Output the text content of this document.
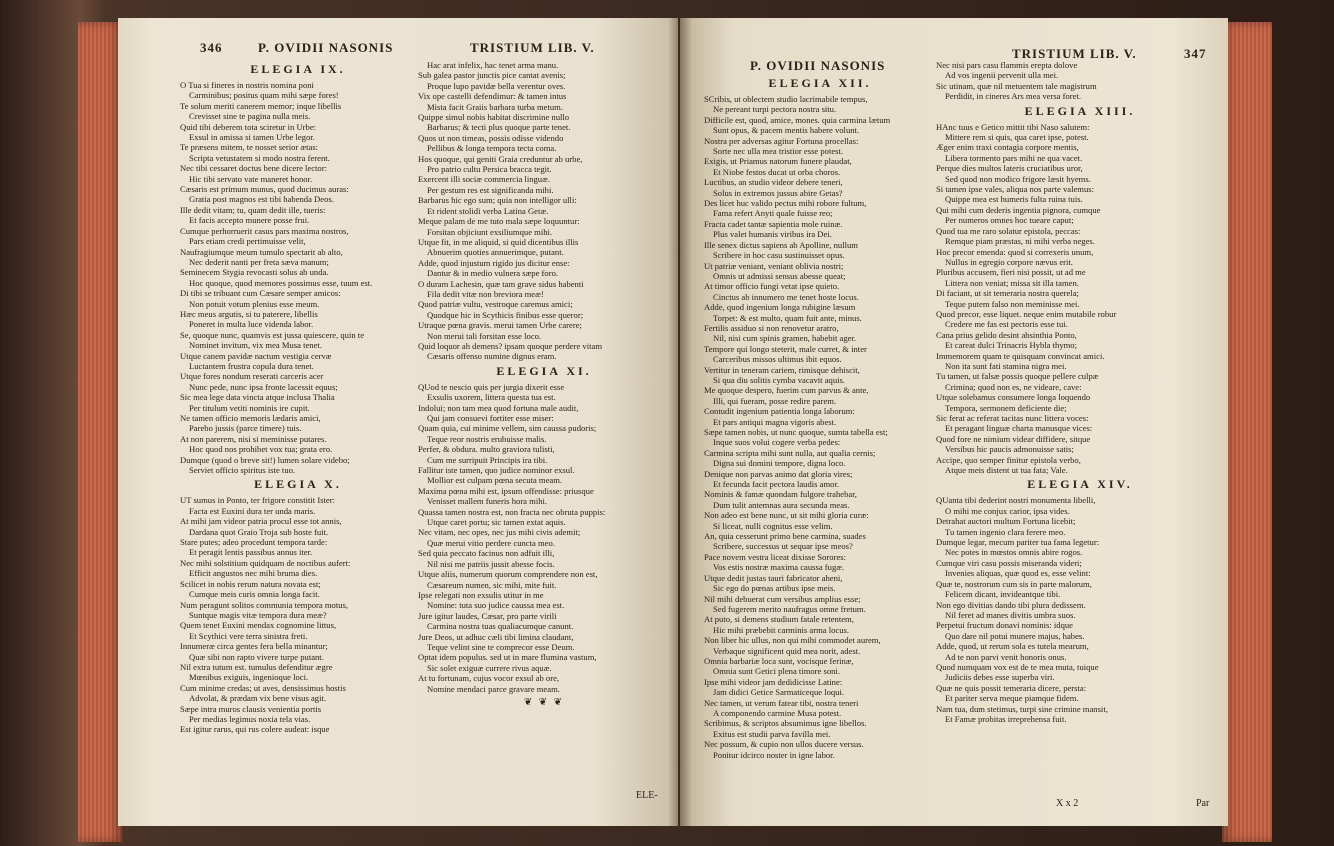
346	P. OVIDII NASONIS	TRISTIUM LIB. V.

ELEGIA IX.

O Tua si fineres in nostris nomina poni

Carminibus; positus quam mihi sæpe fores!

Te solum meriti canerem memor; inque libellis

Crevisset sine te pagina nulla meis.

Quid tibi deberem tota sciretur in Urbe:

Exsul in amissa si tamen Urbe legor.

Te præsens mitem, te nosset serior ætas:

Scripta vetustatem si modo nostra ferent.

Nec tibi cessaret doctus bene dicere lector:

Hic tibi servato vate maneret honor.

Cæsaris est primum munus, quod ducimus auras:

Gratia post magnos est tibi habenda Deos.

Ille dedit vitam; tu, quam dedit ille, tueris:

Et facis accepto munere posse frui.

Cumque perhorruerit casus pars maxima nostros,

Pars etiam credi pertimuisse velit,

Naufragiumque meum tumulo spectarit ab alto,

Nec dederit nanti per freta sæva manum;

Seminecem Stygia revocasti solus ab unda.

Hoc quoque, quod memores possimus esse, tuum est.

Di tibi se tribuant cum Cæsare semper amicos:

Non potuit votum plenius esse meum.

Hæc meus argutis, si tu paterere, libellis

Poneret in multa luce videnda labor.

Se, quoque nunc, quamvis est jussa quiescere, quin te

Nominet invitum, vix mea Musa tenet.

Utque canem pavidæ nactum vestigia cervæ

Luctantem frustra copula dura tenet.

Utque fores nondum reserati carceris acer

Nunc pede, nunc ipsa fronte lacessit equus;

Sic mea lege data vincta atque inclusa Thalia

Per titulum vetiti nominis ire cupit.

Ne tamen officio memoris lædaris amici,

Parebo jussis (parce timere) tuis.

At non parerem, nisi si meminisse putares.

Hoc quod nos prohibet vox tua; grata ero.

Dumque (quod o breve sit!) lumen solare videbo;

Serviet officio spiritus iste tuo.

ELEGIA X.

UT sumus in Ponto, ter frigore constitit Ister:

Facta est Euxini dura ter unda maris.

At mihi jam videor patria procul esse tot annis,

Dardana quot Graio Troja sub hoste fuit.

Stare putes; adeo procedunt tempora tarde:

Et peragit lentis passibus annus iter.

Nec mihi solstitium quidquam de noctibus aufert:

Efficit angustos nec mihi bruma dies.

Scilicet in nobis rerum natura novata est;

Cumque meis curis omnia longa facit.

Num peragunt solitos communia tempora motus,

Suntque magis vitæ tempora dura meæ?

Quem tenet Euxini mendax cognomine littus,

Et Scythici vere terra sinistra freti.

Innumeræ circa gentes fera bella minantur;

Quæ sibi non rapto vivere turpe putant.

Nil extra tutum est. tumulus defenditur ægre

Mœnibus exiguis, ingenioque loci.

Cum minime credas; ut aves, densissimus hostis

Advolat, & prædam vix bene visus agit.

Sæpe intra muros clausis venientia portis

Per medias legimus noxia tela vias.

Est igitur rarus, qui rus colere audeat: isque

Hac arat infelix, hac tenet arma manu.

Sub galea pastor junctis pice cantat avenis;

Proque lupo pavidæ bella verentur oves.

Vix ope castelli defendimur: & tamen intus

Mista facit Graiis barbara turba metum.

Quippe simul nobis habitat discrimine nullo

Barbarus; & tecti plus quoque parte tenet.

Quos ut non timeas, possis odisse videndo

Pellibus & longa tempora tecta coma.

Hos quoque, qui geniti Graia creduntur ab urbe,

Pro patrio cultu Persica bracca tegit.

Exercent illi sociæ commercia linguæ.

Per gestum res est significanda mihi.

Barbarus hic ego sum; quia non intelligor ulli:

Et rident stolidi verba Latina Getæ.

Meque palam de me tuto mala sæpe loquuntur:

Forsitan objiciunt exsiliumque mihi.

Utque fit, in me aliquid, si quid dicentibus illis

Abnuerim quoties annuerimque, putant.

Adde, quod injustum rigido jus dicitur ense:

Dantur & in medio vulnera sæpe foro.

O duram Lachesin, quæ tam grave sidus habenti

Fila dedit vitæ non breviora meæ!

Quod patriæ vultu, vestroque caremus amici;

Quodque hic in Scythicis finibus esse queror;

Utraque pœna gravis. merui tamen Urbe carere;

Non merui tali forsitan esse loco.

Quid loquor ah demens? ipsam quoque perdere vitam

Cæsaris offenso numine dignus eram.

ELEGIA XI.

QUod te nescio quis per jurgia dixerit esse

Exsulis uxorem, littera questa tua est.

Indolui; non tam mea quod fortuna male audit,

Qui jam consuevi fortiter esse miser:

Quam quia, cui minime vellem, sim caussa pudoris;

Teque reor nostris erubuisse malis.

Perfer, & obdura. multo graviora tulisti,

Cum me surripuit Principis ira tibi.

Fallitur iste tamen, quo judice nominor exsul.

Mollior est culpam pœna secuta meam.

Maxima pœna mihi est, ipsum offendisse: priusque

Venisset mallem funeris hora mihi.

Quassa tamen nostra est, non fracta nec obruta puppis:

Utque caret portu; sic tamen extat aquis.

Nec vitam, nec opes, nec jus mihi civis ademit;

Quæ merui vitio perdere cuncta meo.

Sed quia peccato facinus non adfuit illi,

Nil nisi me patriis jussit abesse focis.

Utque aliis, numerum quorum comprendere non est,

Cæsareum numen, sic mihi, mite fuit.

Ipse relegati non exsulis utitur in me

Nomine: tuta suo judice caussa mea est.

Jure igitur laudes, Cæsar, pro parte virili

Carmina nostra tuas qualiacumque canunt.

Jure Deos, ut adhuc cæli tibi limina claudant,

Teque velint sine te comprecor esse Deum.

Optat idem populus. sed ut in mare flumina vastum,

Sic solet exiguæ currere rivus aquæ.

At tu fortunam, cujus vocor exsul ab ore,

Nomine mendaci parce gravare meam.

❦ ❦ ❦

ELE-
P. OVIDII NASONIS
TRISTIUM LIB. V.	347

ELEGIA XII.

SCribis, ut oblectem studio lacrimabile tempus,

Ne pereant turpi pectora nostra situ.

Difficile est, quod, amice, mones. quia carmina lætum

Sunt opus, & pacem mentis habere volunt.

Nostra per adversas agitur Fortuna procellas:

Sorte nec ulla mea tristior esse potest.

Exigis, ut Priamus natorum funere plaudat,

Et Niobe festos ducat ut orba choros.

Luctibus, an studio videor debere teneri,

Solus in extremos jussus abire Getas?

Des licet huc valido pectus mihi robore fultum,

Fama refert Anyti quale fuisse reo;

Fracta cadet tantæ sapientia mole ruinæ.

Plus valet humanis viribus ira Dei.

Ille senex dictus sapiens ab Apolline, nullum

Scribere in hoc casu sustinuisset opus.

Ut patriæ veniant, veniant oblivia nostri;

Omnis ut admissi sensus abesse queat;

At timor officio fungi vetat ipse quieto.

Cinctus ab innumero me tenet hoste locus.

Adde, quod ingenium longa rubigine læsum

Torpet: & est multo, quam fuit ante, minus.

Fertilis assiduo si non renovetur aratro,

Nil, nisi cum spinis gramen, habebit ager.

Tempore qui longo steterit, male curret, & inter

Carceribus missos ultimus ibit equos.

Vertitur in teneram cariem, rimisque dehiscit,

Si qua diu solitis cymba vacavit aquis.

Me quoque despero, fuerim cum parvus & ante,

Illi, qui fueram, posse redire parem.

Contudit ingenium patientia longa laborum:

Et pars antiqui magna vigoris abest.

Sæpe tamen nobis, ut nunc quoque, sumta tabella est;

Inque suos volui cogere verba pedes:

Carmina scripta mihi sunt nulla, aut qualia cernis;

Digna sui domini tempore, digna loco.

Denique non parvas animo dat gloria vires;

Et fecunda facit pectora laudis amor.

Nominis & famæ quondam fulgore trahebar,

Dum tulit antemnas aura secunda meas.

Non adeo est bene nunc, ut sit mihi gloria curæ:

Si liceat, nulli cognitus esse velim.

An, quia cesserunt primo bene carmina, suades

Scribere, successus ut sequar ipse meos?

Pace novem vestra liceat dixisse Sorores:

Vos estis nostræ maxima caussa fugæ.

Utque dedit justas tauri fabricator aheni,

Sic ego do pœnas artibus ipse meis.

Nil mihi debuerat cum versibus amplius esse;

Sed fugerem merito naufragus omne fretum.

At puto, si demens studium fatale retentem,

Hic mihi præbebit carminis arma locus.

Non liber hic ullus, non qui mihi commodet aurem,

Verbaque significent quid mea norit, adest.

Omnia barbariæ loca sunt, vocisque ferinæ,

Omnia sunt Getici plena timore soni.

Ipse mihi videor jam dedidicisse Latine:

Jam didici Getice Sarmaticeque loqui.

Nec tamen, ut verum fatear tibi, nostra teneri

A componendo carmine Musa potest.

Scribimus, & scriptos absumimus igne libellos.

Exitus est studii parva favilla mei.

Nec possum, & cupio non ullos ducere versus.

Ponitur idcirco noster in igne labor.

Nec nisi pars casu flammis erepta dolove

Ad vos ingenii pervenit ulla mei.

Sic utinam, quæ nil metuentem tale magistrum

Perdidit, in cineres Ars mea versa foret.

ELEGIA XIII.

HAnc tuus e Getico mittit tibi Naso salutem:

Mittere rem si quis, qua caret ipse, potest.

Æger enim traxi contagia corpore mentis,

Libera tormento pars mihi ne qua vacet.

Perque dies multos lateris cruciatibus uror,

Sed quod non modico frigore læsit hyems.

Si tamen ipse vales, aliqua nos parte valemus:

Quippe mea est humeris fulta ruina tuis.

Qui mihi cum dederis ingentia pignora, cumque

Per numeros omnes hoc tueare caput;

Quod tua me raro solatur epistola, peccas:

Remque piam præstas, ni mihi verba neges.

Hoc precor emenda: quod si correxeris unum,

Nullus in egregio corpore nævus erit.

Pluribus accusem, fieri nisi possit, ut ad me

Littera non veniat; missa sit illa tamen.

Di faciant, ut sit temeraria nostra querela;

Teque putem falso non meminisse mei.

Quod precor, esse liquet. neque enim mutabile robur

Credere me fas est pectoris esse tui.

Cana prius gelido desint absinthia Ponto,

Et careat dulci Trinacris Hybla thymo;

Immemorem quam te quisquam convincat amici.

Non ita sunt fati stamina nigra mei.

Tu tamen, ut falsæ possis quoque pellere culpæ

Crimina; quod non es, ne videare, cave:

Utque solebamus consumere longa loquendo

Tempora, sermonem deficiente die;

Sic ferat ac referat tacitas nunc littera voces:

Et peragant linguæ charta manusque vices:

Quod fore ne nimium videar diffidere, sitque

Versibus hic paucis admonuisse satis;

Accipe, quo semper finitur epistola verbo,

Atque meis distent ut tua fata; Vale.

ELEGIA XIV.

QUanta tibi dederint nostri monumenta libelli,

O mihi me conjux carior, ipsa vides.

Detrahat auctori multum Fortuna licebit;

Tu tamen ingenio clara ferere meo.

Dumque legar, mecum pariter tua fama legetur:

Nec potes in mœstos omnis abire rogos.

Cumque viri casu possis miseranda videri;

Invenies aliquas, quæ quod es, esse velint:

Quæ te, nostrorum cum sis in parte malorum,

Felicem dicant, invideantque tibi.

Non ego divitias dando tibi plura dedissem.

Nil feret ad manes divitis umbra suos.

Perpetui fructum donavi nominis: idque

Quo dare nil potui munere majus, habes.

Adde, quod, ut rerum sola es tutela mearum,

Ad te non parvi venit honoris onus.

Quod numquam vox est de te mea muta, tuique

Judiciis debes esse superba viri.

Quæ ne quis possit temeraria dicere, persta:

Et pariter serva meque piamque fidem.

Nam tua, dum stetimus, turpi sine crimine mansit,

Et Famæ probitas irreprehensa fuit.

X x 2	Par
